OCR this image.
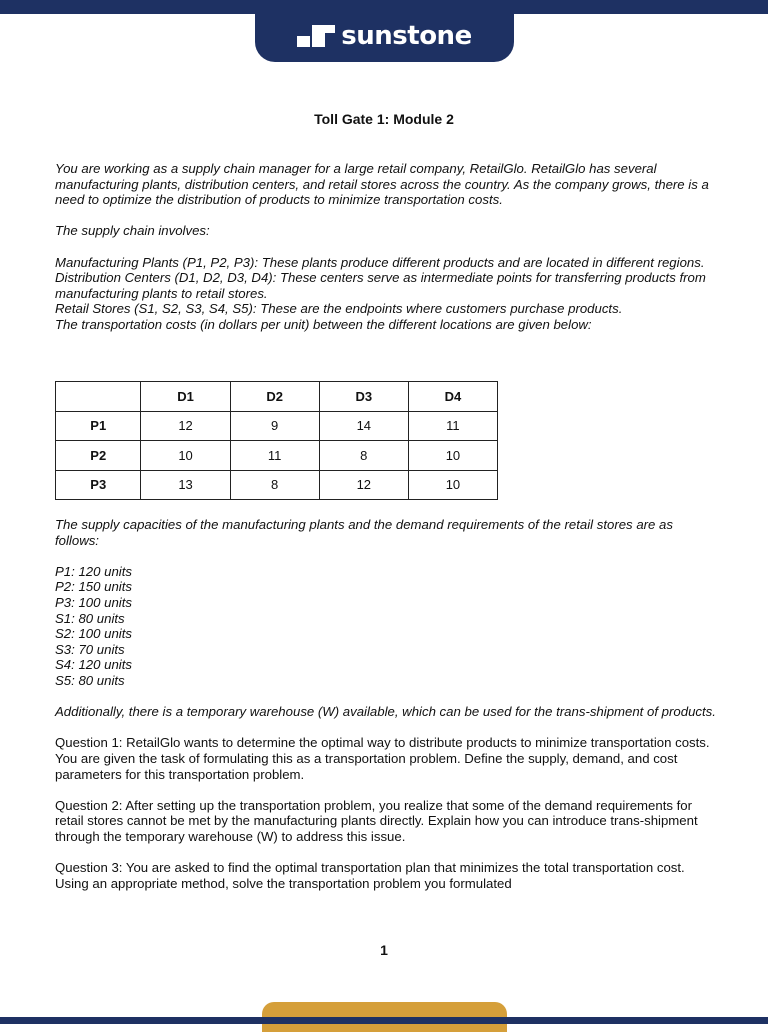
sunstone
Toll Gate 1: Module 2

You are working as a supply chain manager for a large retail company, RetailGlo. RetailGlo has several manufacturing plants, distribution centers, and retail stores across the country. As the company grows, there is a need to optimize the distribution of products to minimize transportation costs.

The supply chain involves:

Manufacturing Plants (P1, P2, P3): These plants produce different products and are located in different regions.

Distribution Centers (D1, D2, D3, D4): These centers serve as intermediate points for transferring products from manufacturing plants to retail stores.

Retail Stores (S1, S2, S3, S4, S5): These are the endpoints where customers purchase products.

The transportation costs (in dollars per unit) between the different locations are given below:

	D1	D2	D3	D4
P1	12	9	14	11
P2	10	11	8	10
P3	13	8	12	10

The supply capacities of the manufacturing plants and the demand requirements of the retail stores are as follows:

P1: 120 units

P2: 150 units

P3: 100 units

S1: 80 units

S2: 100 units

S3: 70 units

S4: 120 units

S5: 80 units

Additionally, there is a temporary warehouse (W) available, which can be used for the trans-shipment of products.

Question 1: RetailGlo wants to determine the optimal way to distribute products to minimize transportation costs. You are given the task of formulating this as a transportation problem. Define the supply, demand, and cost parameters for this transportation problem.

Question 2: After setting up the transportation problem, you realize that some of the demand requirements for retail stores cannot be met by the manufacturing plants directly. Explain how you can introduce trans-shipment through the temporary warehouse (W) to address this issue.

Question 3: You are asked to find the optimal transportation plan that minimizes the total transportation cost. Using an appropriate method, solve the transportation problem you formulated

1
